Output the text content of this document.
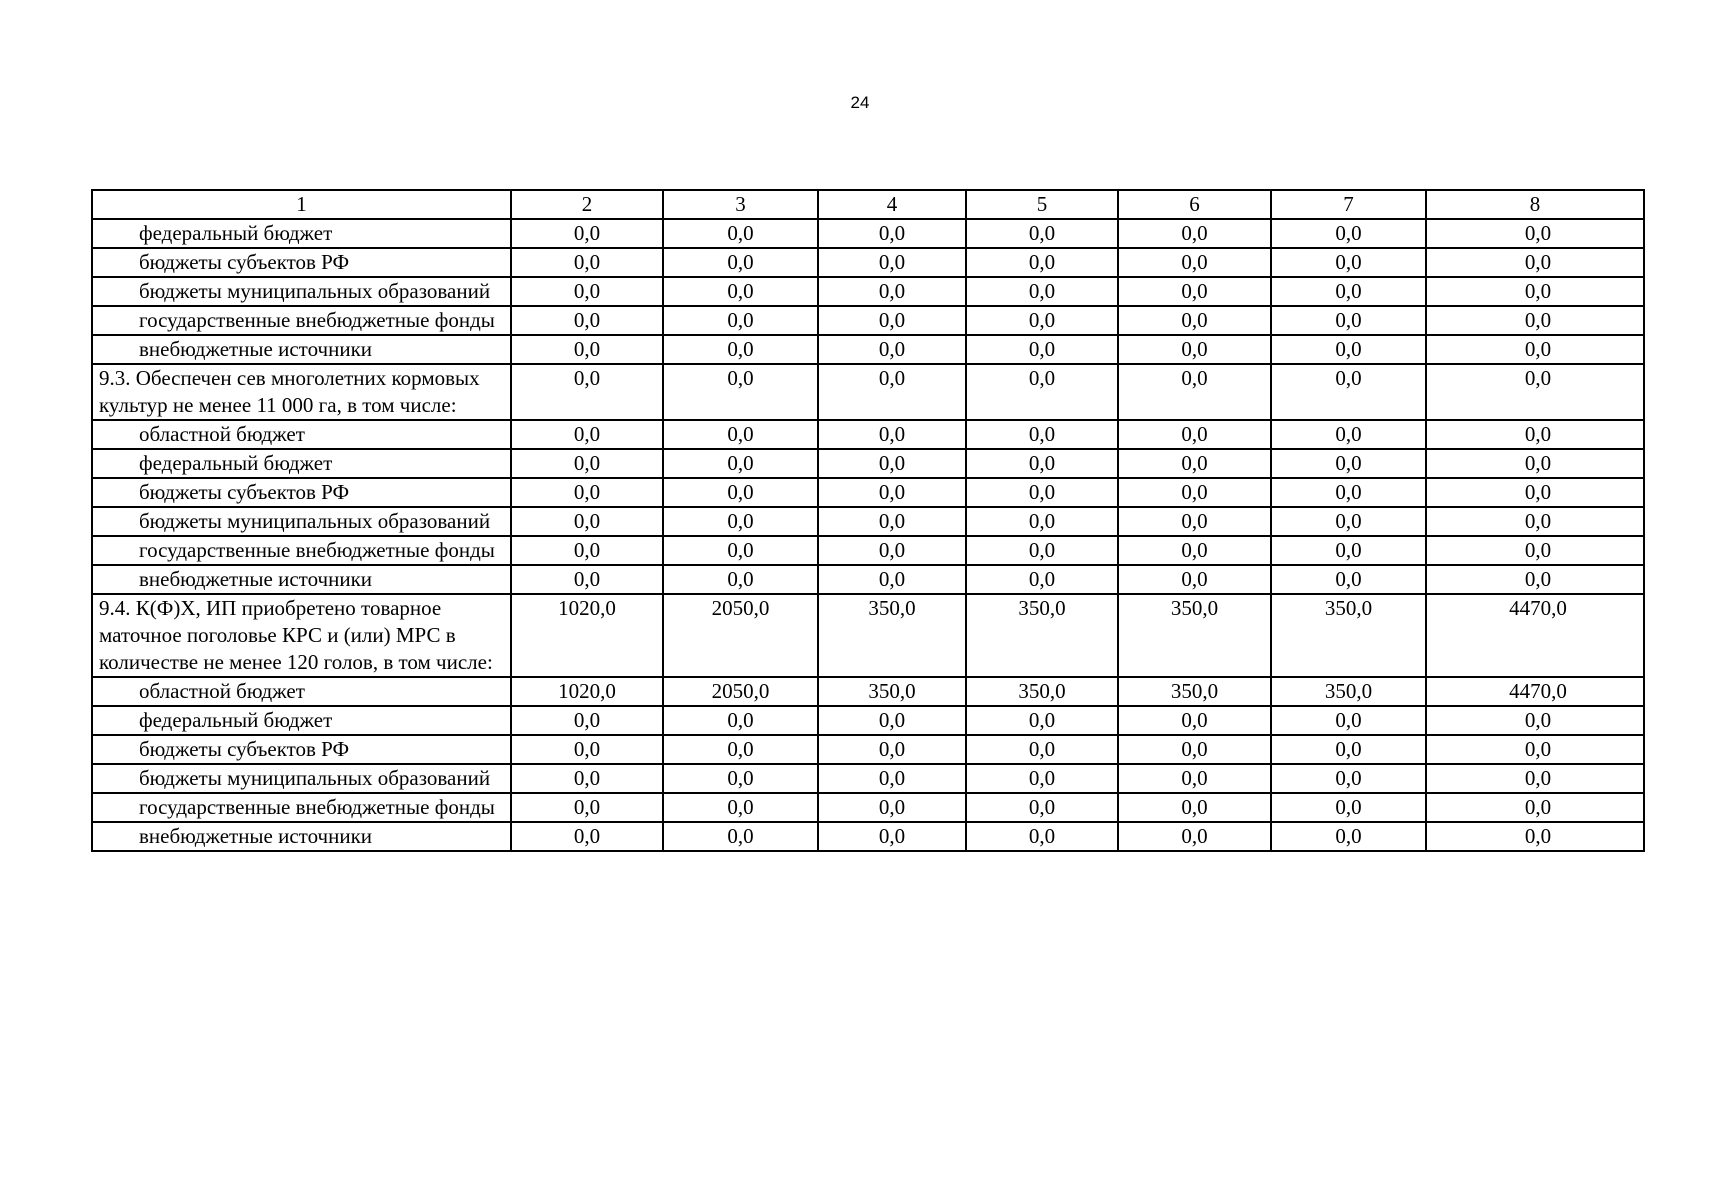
24
1	2	3	4	5	6	7	8
федеральный бюджет	0,0	0,0	0,0	0,0	0,0	0,0	0,0
бюджеты субъектов РФ	0,0	0,0	0,0	0,0	0,0	0,0	0,0
бюджеты муниципальных образований	0,0	0,0	0,0	0,0	0,0	0,0	0,0
государственные внебюджетные фонды	0,0	0,0	0,0	0,0	0,0	0,0	0,0
внебюджетные источники	0,0	0,0	0,0	0,0	0,0	0,0	0,0
9.3. Обеспечен сев многолетних кормовых культур не менее 11 000 га, в том числе:	0,0	0,0	0,0	0,0	0,0	0,0	0,0
областной бюджет	0,0	0,0	0,0	0,0	0,0	0,0	0,0
федеральный бюджет	0,0	0,0	0,0	0,0	0,0	0,0	0,0
бюджеты субъектов РФ	0,0	0,0	0,0	0,0	0,0	0,0	0,0
бюджеты муниципальных образований	0,0	0,0	0,0	0,0	0,0	0,0	0,0
государственные внебюджетные фонды	0,0	0,0	0,0	0,0	0,0	0,0	0,0
внебюджетные источники	0,0	0,0	0,0	0,0	0,0	0,0	0,0
9.4. К(Ф)Х, ИП приобретено товарное маточное поголовье КРС и (или) МРС в количестве не менее 120 голов, в том числе:	1020,0	2050,0	350,0	350,0	350,0	350,0	4470,0
областной бюджет	1020,0	2050,0	350,0	350,0	350,0	350,0	4470,0
федеральный бюджет	0,0	0,0	0,0	0,0	0,0	0,0	0,0
бюджеты субъектов РФ	0,0	0,0	0,0	0,0	0,0	0,0	0,0
бюджеты муниципальных образований	0,0	0,0	0,0	0,0	0,0	0,0	0,0
государственные внебюджетные фонды	0,0	0,0	0,0	0,0	0,0	0,0	0,0
внебюджетные источники	0,0	0,0	0,0	0,0	0,0	0,0	0,0
